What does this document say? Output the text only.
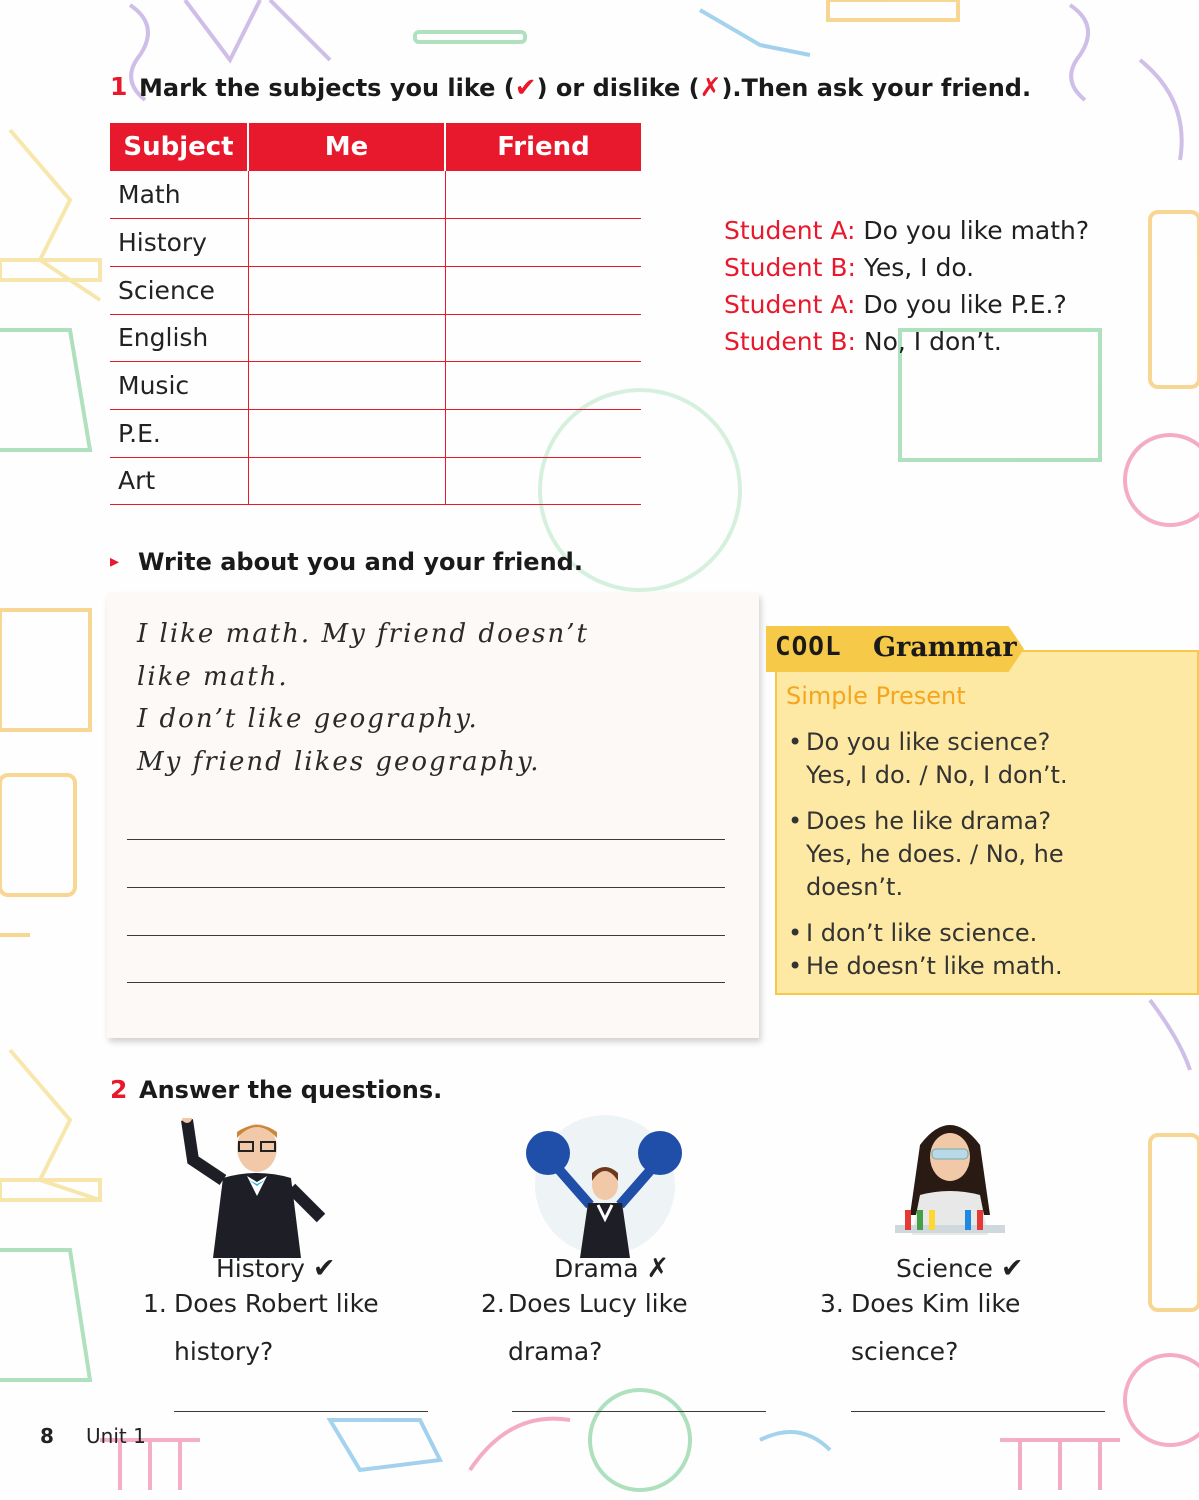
1 Mark the subjects you like (✔) or dislike (✗).Then ask your friend.
Subject	Me	Friend
Math		
History		
Science		
English		
Music		
P.E.		
Art		
Student A: Do you like math?
Student B: Yes, I do.
Student A: Do you like P.E.?
Student B: No, I don’t.
▸ Write about you and your friend.
I like math. My friend doesn’t
like math.
I don’t like geography.
My friend likes geography.
COOL Grammar
Simple Present
• Do you like science?
Yes, I do. / No, I don’t.
• Does he like drama?
Yes, he does. / No, he
doesn’t.
• I don’t like science.
• He doesn’t like math.
2 Answer the questions.
History ✔
1. Does Robert like
history?
Drama ✗
2. Does Lucy like
drama?
Science ✔
3. Does Kim like
science?
8 Unit 1
